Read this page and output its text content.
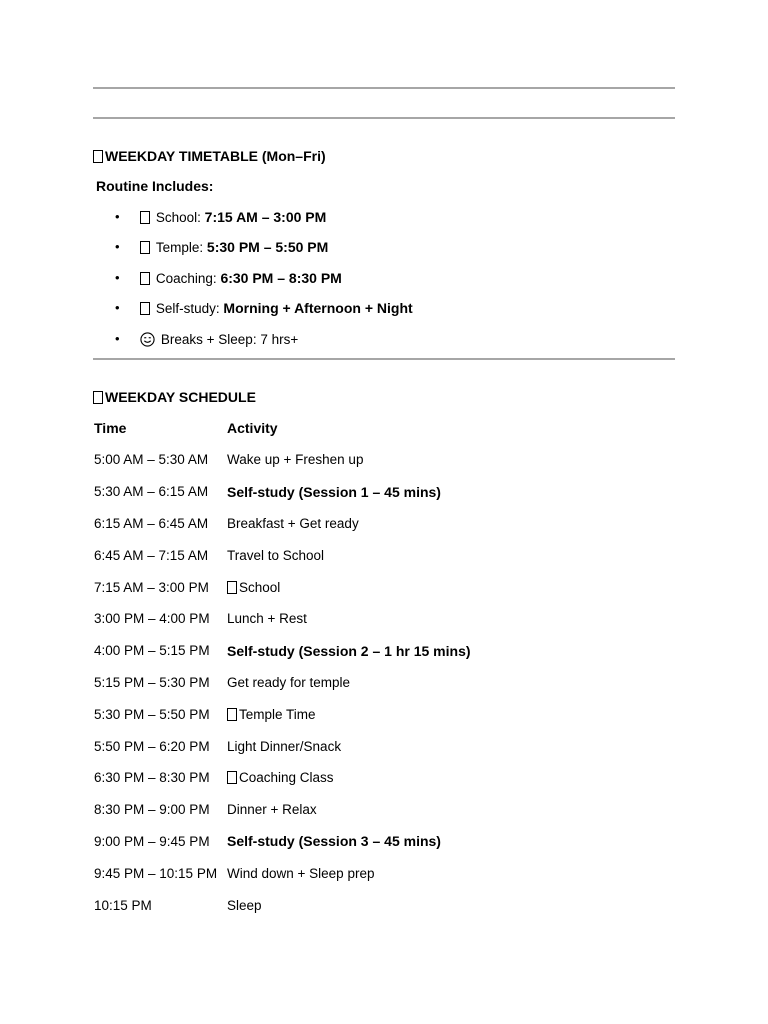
WEEKDAY TIMETABLE (Mon–Fri)
Routine Includes:
•	School: 7:15 AM – 3:00 PM
•	Temple: 5:30 PM – 5:50 PM
•	Coaching: 6:30 PM – 8:30 PM
•	Self-study: Morning + Afternoon + Night
•	Breaks + Sleep: 7 hrs+
WEEKDAY SCHEDULE
Time	Activity
5:00 AM – 5:30 AM	Wake up + Freshen up
5:30 AM – 6:15 AM	Self-study (Session 1 – 45 mins)
6:15 AM – 6:45 AM	Breakfast + Get ready
6:45 AM – 7:15 AM	Travel to School
7:15 AM – 3:00 PM	School
3:00 PM – 4:00 PM	Lunch + Rest
4:00 PM – 5:15 PM	Self-study (Session 2 – 1 hr 15 mins)
5:15 PM – 5:30 PM	Get ready for temple
5:30 PM – 5:50 PM	Temple Time
5:50 PM – 6:20 PM	Light Dinner/Snack
6:30 PM – 8:30 PM	Coaching Class
8:30 PM – 9:00 PM	Dinner + Relax
9:00 PM – 9:45 PM	Self-study (Session 3 – 45 mins)
9:45 PM – 10:15 PM	Wind down + Sleep prep
10:15 PM	Sleep
